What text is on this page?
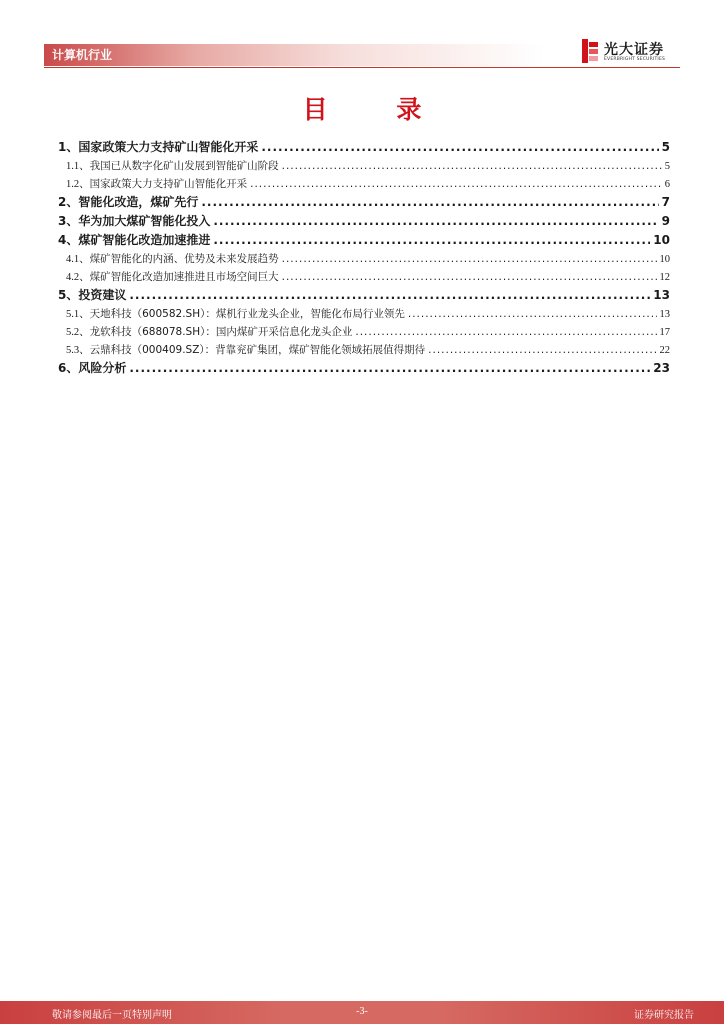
计算机行业	光大证券
EVERBRIGHT SECURITIES
目 录
1、 国家政策大力支持矿山智能化开采 .....	5
1.1、 我国已从数字化矿山发展到智能矿山阶段 .....	5
1.2、 国家政策大力支持矿山智能化开采 .....	6
2、 智能化改造，煤矿先行 .....	7
3、 华为加大煤矿智能化投入 .....	9
4、 煤矿智能化改造加速推进 .....	10
4.1、 煤矿智能化的内涵、优势及未来发展趋势 .....	10
4.2、 煤矿智能化改造加速推进且市场空间巨大 .....	12
5、 投资建议 .....	13
5.1、 天地科技（600582.SH）：煤机行业龙头企业，智能化布局行业领先 .....	13
5.2、 龙软科技（688078.SH）：国内煤矿开采信息化龙头企业 .....	17
5.3、 云鼎科技（000409.SZ）：背靠兖矿集团，煤矿智能化领域拓展值得期待 .....	22
6、 风险分析 .....	23
敬请参阅最后一页特别声明	-3-	证券研究报告
